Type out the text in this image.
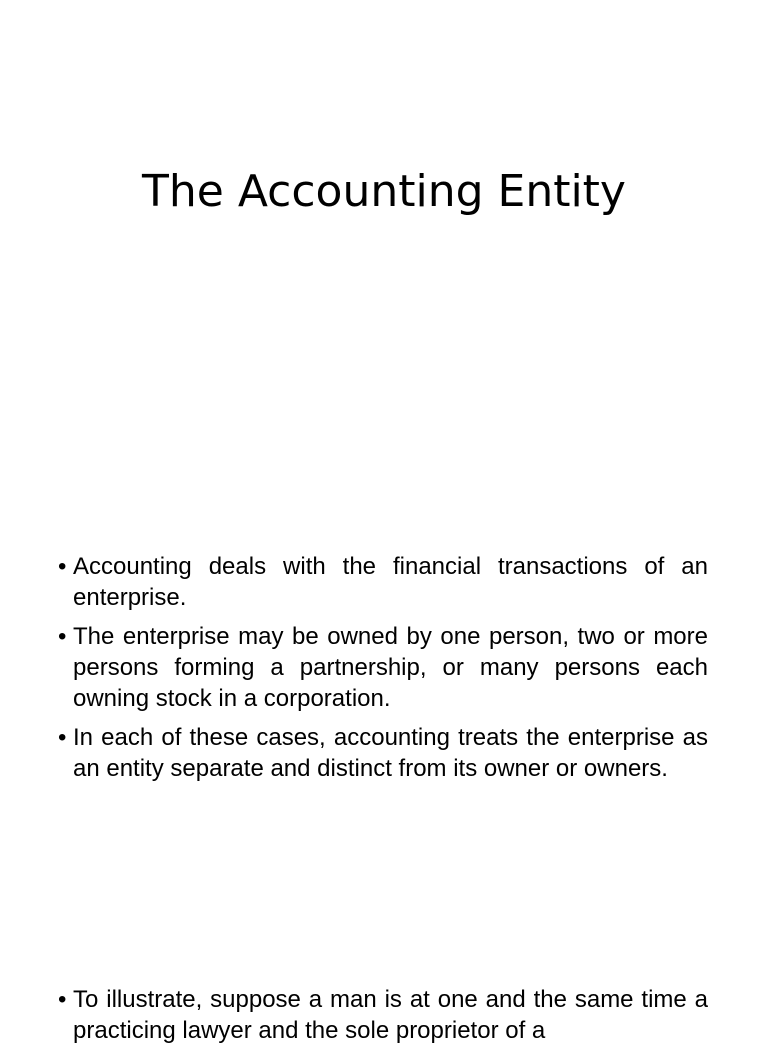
The Accounting Entity
• Accounting deals with the financial transactions of an enterprise.
• The enterprise may be owned by one person, two or more persons forming a partnership, or many persons each owning stock in a corporation.
• In each of these cases, accounting treats the enterprise as an entity separate and distinct from its owner or owners.
• To illustrate, suppose a man is at one and the same time a practicing lawyer and the sole proprietor of a
